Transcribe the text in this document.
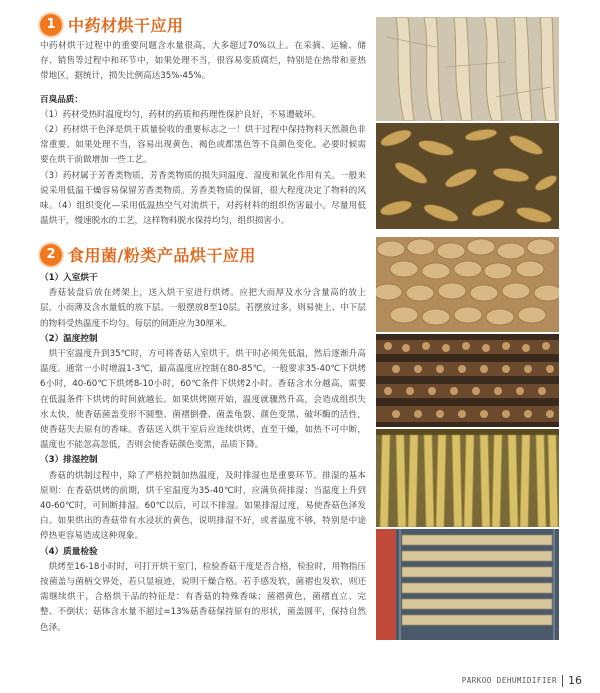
1 中药材烘干应用

中药材烘干过程中的重要问题含水量很高，大多超过70%以上。在采摘、运输、储存、销售等过程中和环节中，如果处理不当，很容易变质腐烂，特别是在热带和亚热带地区，据统计，损失比例高达35%-45%。

百臭品质：

（1）药材受热时温度均匀，药材的药质和药理性保护良好，不易遭破坏。

（2）药材烘干色泽是烘干质量验收的重要标志之一！烘干过程中保持物料天然颜色非常重要。如果处理不当，容易出现黄色、褐色或都黑色等不良颜色变化。必要时候需要在烘干前做增加一些工艺。

（3）药材属于芳香类物质，芳香类物质的损失同温度、湿度和氧化作用有关。一般来说采用低温干燥容易保留芳香类物质。芳香类物质的保留，很大程度决定了物料的风味。（4）组织变化—采用低温热空气对流烘干，对药材料的组织伤害最小。尽量用低温烘干，慢速脱水的工艺，这样物料脱水保持均匀，组织损害小。

2 食用菌/粉类产品烘干应用

（1）入室烘干

香菇装盘后放在烤架上，送入烘干室进行烘烤。应把大而厚及水分含量高的放上层，小而薄及含水量低的放下层。一般摆放8至10层。若摆放过多，则易使上、中下层的物料受热温度不均匀。每层的间距应为30厘米。

（2）温度控制

烘干室温度升到35℃时，方可将香菇入室烘干。烘干时必须先低温，然后逐渐升高温度。通常一小时增温1-3℃，最高温度应控制在80-85℃。一般要求35-40℃下烘烤6小时，40-60℃下烘烤8-10小时，60℃条件下烘烤2小时。香菇含水分越高，需要在低温条件下烘烤的时间就越长。如果烘烤刚开始，温度就骤然升高，会造成组织失水太快，使香菇菌盖变形不圆整、菌褶倒叠、菌盖龟裂、颜色变黑、破坏酶的活性，使香菇失去原有的香味。香菇送入烘干室后应连续烘烤，直至干燥，如热不可中断，温度也不能忽高忽低，否则会使香菇颜色变黑，品质下降。

（3）排湿控制

香菇的烘制过程中，除了严格控制加热温度，及时排湿也是重要环节。排湿的基本原则：在香菇烘烤的前期，烘干室温度为35-40℃时，应满负荷排湿；当温度上升到40-60℃时，可间断排湿。60℃以后，可以不排湿。如果排湿过度，易使香菇色泽发白。如果烘出的香菇带有水浸状的黄色，说明排湿不好，或者温度不够，特别是中途停热更容易造成这种现象。

（4）质量检验

烘烤至16-18小时时，可打开烘干室门，检验香菇干度是否合格，检验时，用物指压按菌盖与菌柄交界处，若只显痕迹，说明干燥合格。若手感发软，菌褶也发软，则还需继续烘干，合格烘干品的特征是：有香菇的特殊香味；菌褶黄色，菌褶直立、完整、不倒状；菇体含水量不超过=13%菇香菇保持原有的形状，菌盖圆平，保持自然色泽。

PARKOO DEHUMIDIFIER 16
